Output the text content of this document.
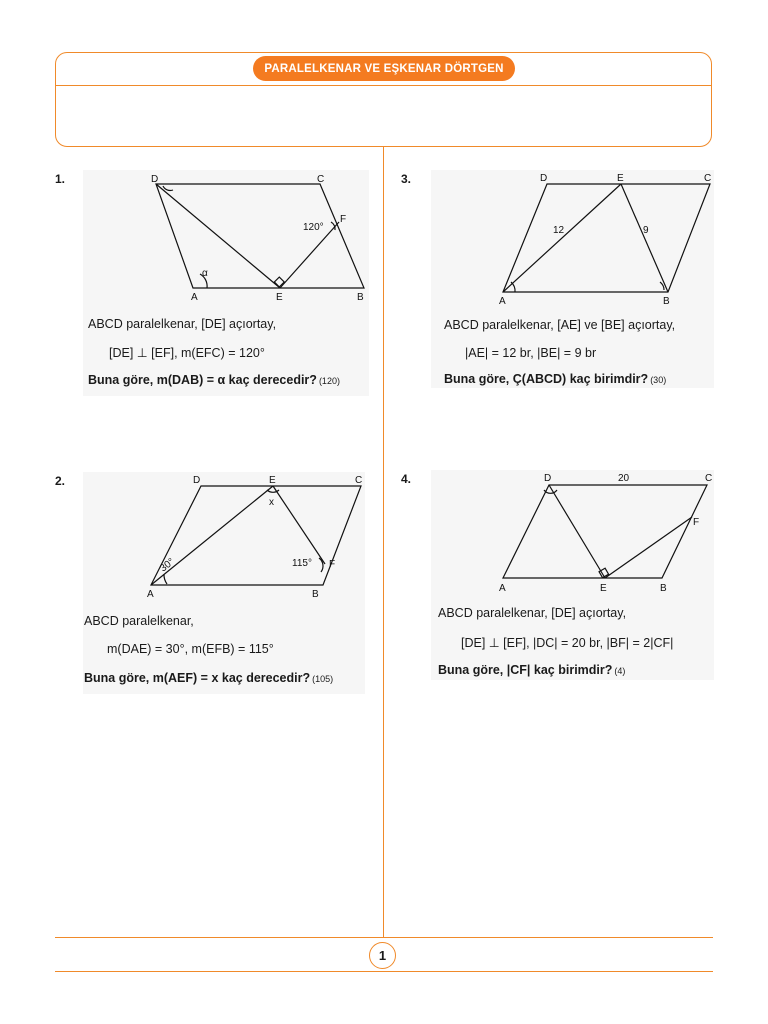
PARALELKENAR VE EŞKENAR DÖRTGEN
1
1.	D	C
A	E	B
F
120°
α
ABCD paralelkenar, [DE] açıortay,
[DE] ⊥ [EF], m(EFC) = 120°
Buna göre, m(DAB) = α kaç derecedir? (120)
2.	D	E	C
A	B
F
x
30°	115°
ABCD paralelkenar,
m(DAE) = 30°, m(EFB) = 115°
Buna göre, m(AEF) = x kaç derecedir? (105)
3.	D	E	C
A	B
12	9
ABCD paralelkenar, [AE] ve [BE] açıortay,
|AE| = 12 br, |BE| = 9 br
Buna göre, Ç(ABCD) kaç birimdir? (30)
4.	D	C
20
A	E	B
F
ABCD paralelkenar, [DE] açıortay,
[DE] ⊥ [EF], |DC| = 20 br, |BF| = 2|CF|
Buna göre, |CF| kaç birimdir? (4)
